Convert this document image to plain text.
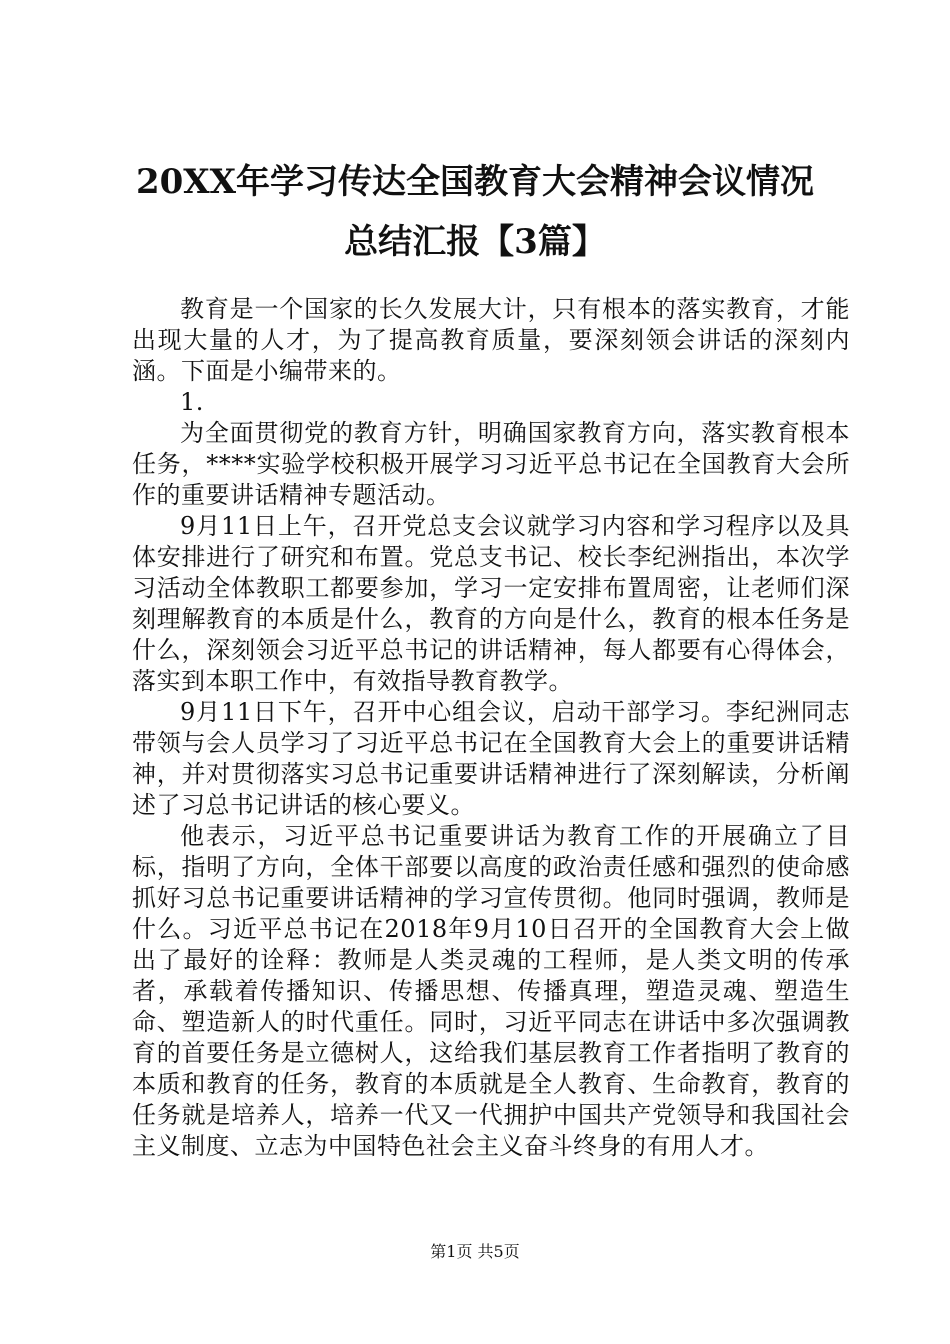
20XX年学习传达全国教育大会精神会议情况
总结汇报【3篇】

教育是一个国家的长久发展大计，只有根本的落实教育，才能出现大量的人才，为了提高教育质量，要深刻领会讲话的深刻内涵。下面是小编带来的。

1.

为全面贯彻党的教育方针，明确国家教育方向，落实教育根本任务，****实验学校积极开展学习习近平总书记在全国教育大会所作的重要讲话精神专题活动。

9月11日上午，召开党总支会议就学习内容和学习程序以及具体安排进行了研究和布置。党总支书记、校长李纪洲指出，本次学习活动全体教职工都要参加，学习一定安排布置周密，让老师们深刻理解教育的本质是什么，教育的方向是什么，教育的根本任务是什么，深刻领会习近平总书记的讲话精神，每人都要有心得体会，落实到本职工作中，有效指导教育教学。

9月11日下午，召开中心组会议，启动干部学习。李纪洲同志带领与会人员学习了习近平总书记在全国教育大会上的重要讲话精神，并对贯彻落实习总书记重要讲话精神进行了深刻解读，分析阐述了习总书记讲话的核心要义。

他表示，习近平总书记重要讲话为教育工作的开展确立了目标，指明了方向，全体干部要以高度的政治责任感和强烈的使命感抓好习总书记重要讲话精神的学习宣传贯彻。他同时强调，教师是什么。习近平总书记在2018年9月10日召开的全国教育大会上做出了最好的诠释：教师是人类灵魂的工程师，是人类文明的传承者，承载着传播知识、传播思想、传播真理，塑造灵魂、塑造生命、塑造新人的时代重任。同时，习近平同志在讲话中多次强调教育的首要任务是立德树人，这给我们基层教育工作者指明了教育的本质和教育的任务，教育的本质就是全人教育、生命教育，教育的任务就是培养人，培养一代又一代拥护中国共产党领导和我国社会主义制度、立志为中国特色社会主义奋斗终身的有用人才。

第1页 共5页
